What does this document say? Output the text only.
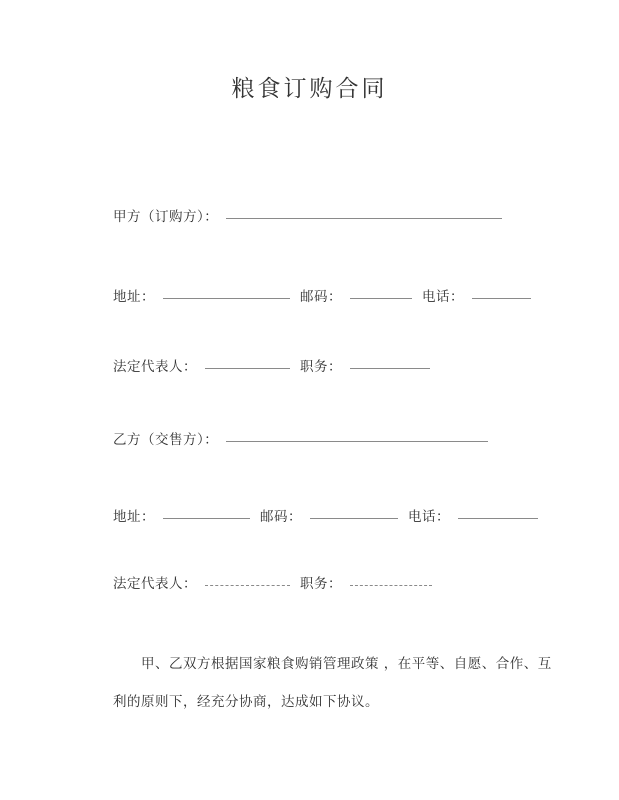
粮食订购合同
甲方（订购方）：
地址：	邮码：	电话：
法定代表人：	职务：
乙方（交售方）：
地址：	邮码：	电话：
法定代表人：	职务：
甲、乙双方根据国家粮食购销管理政策 ，在平等、自愿、合作、互
利的原则下，经充分协商，达成如下协议。
